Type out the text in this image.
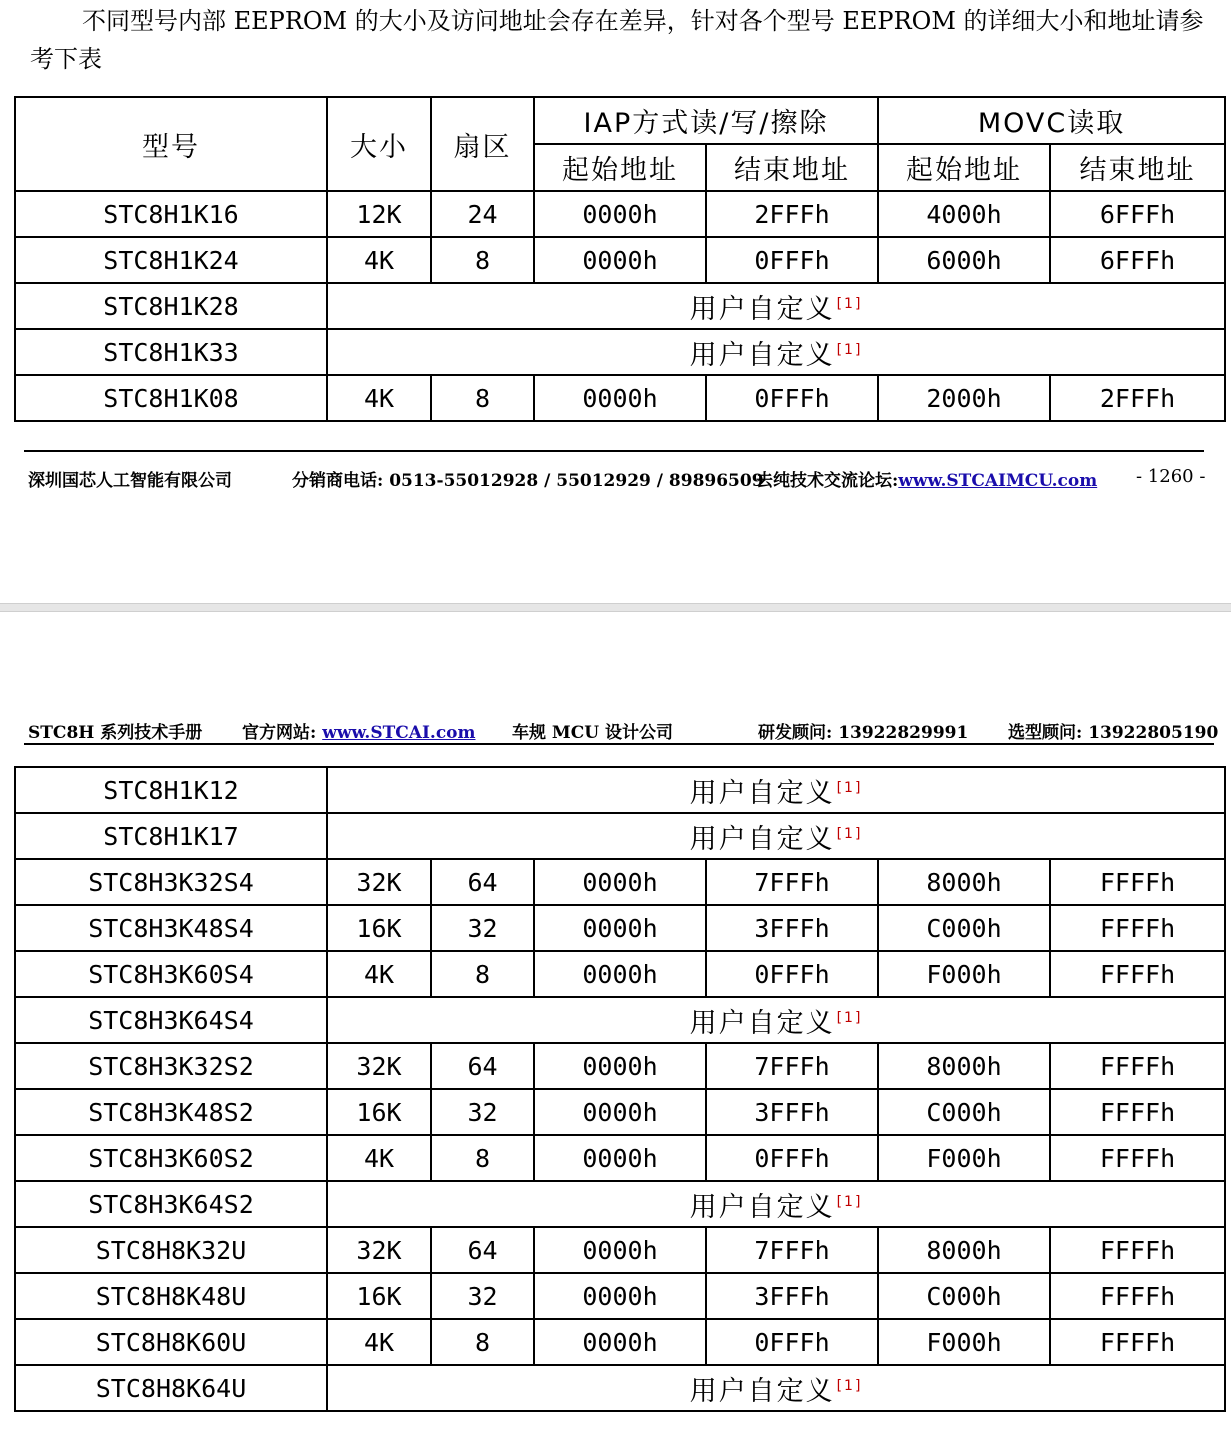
不同型号内部 EEPROM 的大小及访问地址会存在差异，针对各个型号 EEPROM 的详细大小和地址请参考下表
型号	大小	扇区	IAP方式读/写/擦除		MOVC读取	
			起始地址	结束地址	起始地址	结束地址
STC8H1K16	12K	24	0000h	2FFFh	4000h	6FFFh
STC8H1K24	4K	8	0000h	0FFFh	6000h	6FFFh
STC8H1K28	用户自定义 [1]
STC8H1K33	用户自定义 [1]
STC8H1K08	4K	8	0000h	0FFFh	2000h	2FFFh
深圳国芯人工智能有限公司	分销商电话: 0513-55012928 / 55012929 / 89896509
去纯技术交流论坛:www.STCAIMCU.com - 1260 -
STC8H 系列技术手册 官方网站: www.STCAI.com 车规 MCU 设计公司	研发顾问: 13922829991 选型顾问: 13922805190
STC8H1K12	用户自定义 [1]
STC8H1K17	用户自定义 [1]
STC8H3K32S4	32K	64	0000h	7FFFh	8000h	FFFFh
STC8H3K48S4	16K	32	0000h	3FFFh	C000h	FFFFh
STC8H3K60S4	4K	8	0000h	0FFFh	F000h	FFFFh
STC8H3K64S4	用户自定义 [1]
STC8H3K32S2	32K	64	0000h	7FFFh	8000h	FFFFh
STC8H3K48S2	16K	32	0000h	3FFFh	C000h	FFFFh
STC8H3K60S2	4K	8	0000h	0FFFh	F000h	FFFFh
STC8H3K64S2	用户自定义 [1]
STC8H8K32U	32K	64	0000h	7FFFh	8000h	FFFFh
STC8H8K48U	16K	32	0000h	3FFFh	C000h	FFFFh
STC8H8K60U	4K	8	0000h	0FFFh	F000h	FFFFh
STC8H8K64U	用户自定义 [1]
